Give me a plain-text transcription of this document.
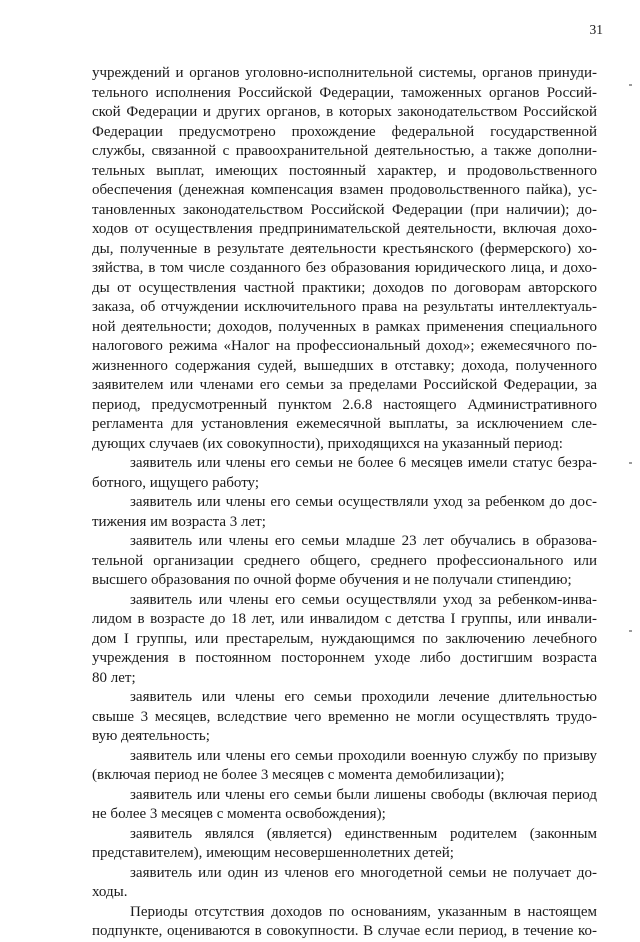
31
учреждений и органов уголовно-исполнительной системы, органов принуди-
тельного исполнения Российской Федерации, таможенных органов Россий-
ской Федерации и других органов, в которых законодательством Российской
Федерации предусмотрено прохождение федеральной государственной
службы, связанной с правоохранительной деятельностью, а также дополни-
тельных выплат, имеющих постоянный характер, и продовольственного
обеспечения (денежная компенсация взамен продовольственного пайка), ус-
тановленных законодательством Российской Федерации (при наличии); до-
ходов от осуществления предпринимательской деятельности, включая дохо-
ды, полученные в результате деятельности крестьянского (фермерского) хо-
зяйства, в том числе созданного без образования юридического лица, и дохо-
ды от осуществления частной практики; доходов по договорам авторского
заказа, об отчуждении исключительного права на результаты интеллектуаль-
ной деятельности; доходов, полученных в рамках применения специального
налогового режима «Налог на профессиональный доход»; ежемесячного по-
жизненного содержания судей, вышедших в отставку; дохода, полученного
заявителем или членами его семьи за пределами Российской Федерации, за
период, предусмотренный пунктом 2.6.8 настоящего Административного
регламента для установления ежемесячной выплаты, за исключением сле-
дующих случаев (их совокупности), приходящихся на указанный период:
заявитель или члены его семьи не более 6 месяцев имели статус безра-
ботного, ищущего работу;
заявитель или члены его семьи осуществляли уход за ребенком до дос-
тижения им возраста 3 лет;
заявитель или члены его семьи младше 23 лет обучались в образова-
тельной организации среднего общего, среднего профессионального или
высшего образования по очной форме обучения и не получали стипендию;
заявитель или члены его семьи осуществляли уход за ребенком-инва-
лидом в возрасте до 18 лет, или инвалидом с детства I группы, или инвали-
дом I группы, или престарелым, нуждающимся по заключению лечебного
учреждения в постоянном постороннем уходе либо достигшим возраста
80 лет;
заявитель или члены его семьи проходили лечение длительностью
свыше 3 месяцев, вследствие чего временно не могли осуществлять трудо-
вую деятельность;
заявитель или члены его семьи проходили военную службу по призыву
(включая период не более 3 месяцев с момента демобилизации);
заявитель или члены его семьи были лишены свободы (включая период
не более 3 месяцев с момента освобождения);
заявитель являлся (является) единственным родителем (законным
представителем), имеющим несовершеннолетних детей;
заявитель или один из членов его многодетной семьи не получает до-
ходы.
Периоды отсутствия доходов по основаниям, указанным в настоящем
подпункте, оцениваются в совокупности. В случае если период, в течение ко-
